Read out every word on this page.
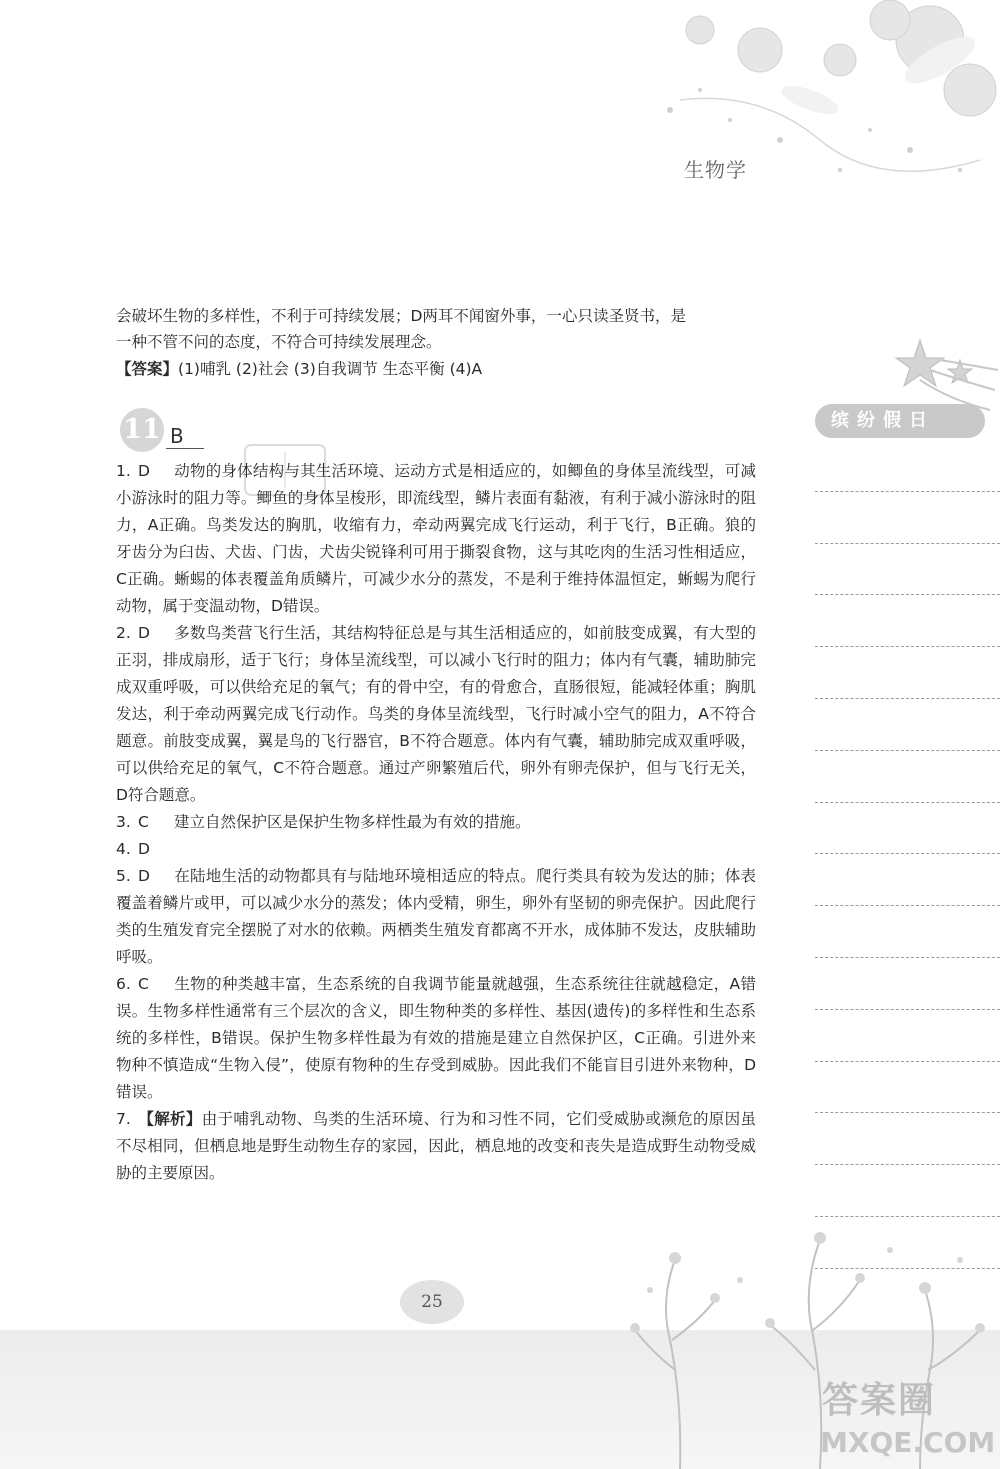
生物学

会破坏生物的多样性，不利于可持续发展；D两耳不闻窗外事，一心只读圣贤书，是

一种不管不问的态度，不符合可持续发展理念。

【答案】(1)哺乳 (2)社会 (3)自我调节 生态平衡 (4)A

11 B

1. D 动物的身体结构与其生活环境、运动方式是相适应的，如鲫鱼的身体呈流线型，可减小游泳时的阻力等。鲫鱼的身体呈梭形，即流线型，鳞片表面有黏液，有利于减小游泳时的阻力，A正确。鸟类发达的胸肌，收缩有力，牵动两翼完成飞行运动，利于飞行，B正确。狼的牙齿分为臼齿、犬齿、门齿，犬齿尖锐锋利可用于撕裂食物，这与其吃肉的生活习性相适应，C正确。蜥蜴的体表覆盖角质鳞片，可减少水分的蒸发，不是利于维持体温恒定，蜥蜴为爬行动物，属于变温动物，D错误。

2. D 多数鸟类营飞行生活，其结构特征总是与其生活相适应的，如前肢变成翼，有大型的正羽，排成扇形，适于飞行；身体呈流线型，可以减小飞行时的阻力；体内有气囊，辅助肺完成双重呼吸，可以供给充足的氧气；有的骨中空，有的骨愈合，直肠很短，能减轻体重；胸肌发达，利于牵动两翼完成飞行动作。鸟类的身体呈流线型，飞行时减小空气的阻力，A不符合题意。前肢变成翼，翼是鸟的飞行器官，B不符合题意。体内有气囊，辅助肺完成双重呼吸，可以供给充足的氧气，C不符合题意。通过产卵繁殖后代，卵外有卵壳保护，但与飞行无关，D符合题意。

3. C 建立自然保护区是保护生物多样性最为有效的措施。

4. D

5. D 在陆地生活的动物都具有与陆地环境相适应的特点。爬行类具有较为发达的肺；体表覆盖着鳞片或甲，可以减少水分的蒸发；体内受精，卵生，卵外有坚韧的卵壳保护。因此爬行类的生殖发育完全摆脱了对水的依赖。两栖类生殖发育都离不开水，成体肺不发达，皮肤辅助呼吸。

6. C 生物的种类越丰富，生态系统的自我调节能量就越强，生态系统往往就越稳定，A错误。生物多样性通常有三个层次的含义，即生物种类的多样性、基因(遗传)的多样性和生态系统的多样性，B错误。保护生物多样性最为有效的措施是建立自然保护区，C正确。引进外来物种不慎造成“生物入侵”，使原有物种的生存受到威胁。因此我们不能盲目引进外来物种，D错误。

7. 【解析】由于哺乳动物、鸟类的生活环境、行为和习性不同，它们受威胁或濒危的原因虽不尽相同，但栖息地是野生动物生存的家园，因此，栖息地的改变和丧失是造成野生动物受威胁的主要原因。

缤纷假日
25
答案圈
MXQE.COM
